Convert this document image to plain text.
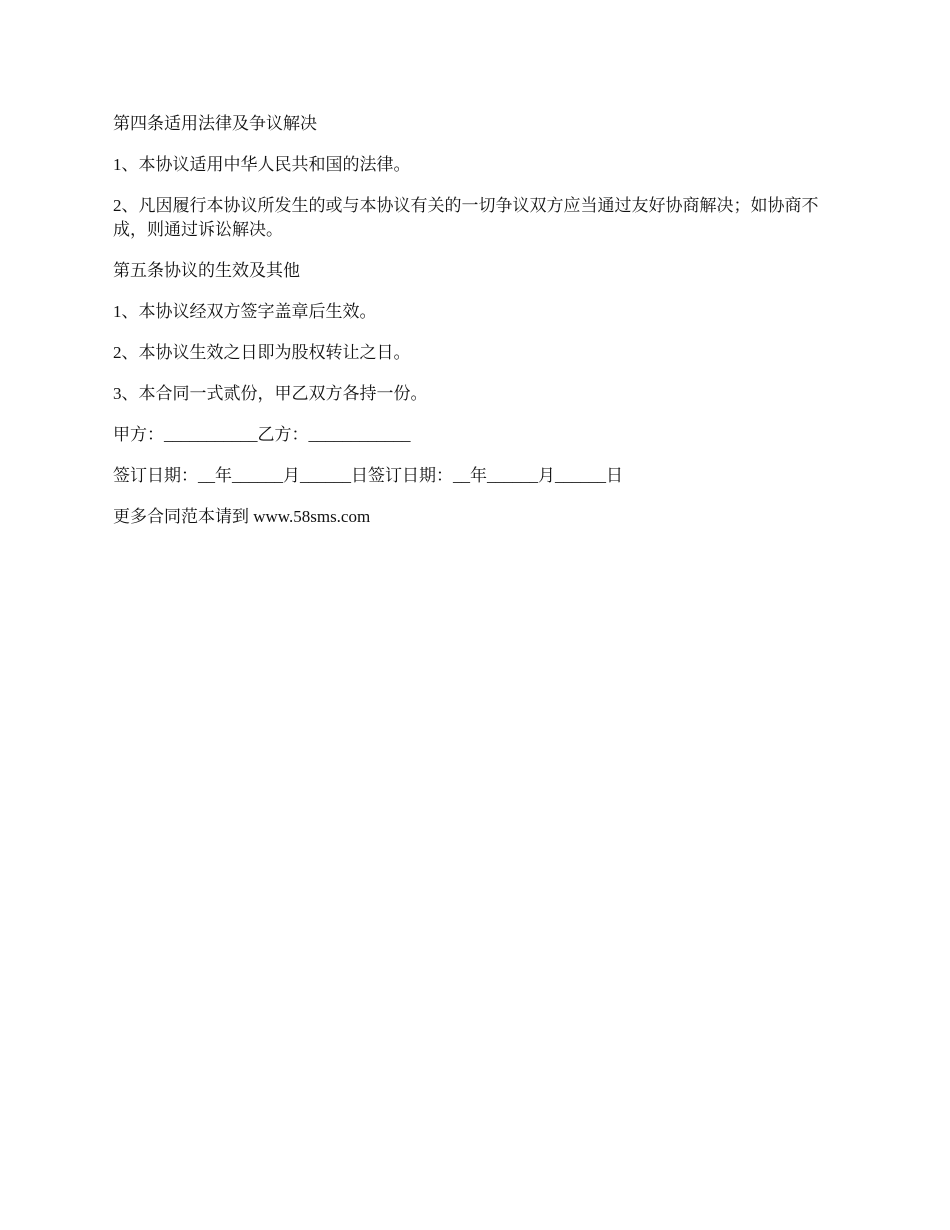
第四条适用法律及争议解决

1、本协议适用中华人民共和国的法律。

2、凡因履行本协议所发生的或与本协议有关的一切争议双方应当通过友好协商解决；如协商不成，则通过诉讼解决。

第五条协议的生效及其他

1、本协议经双方签字盖章后生效。

2、本协议生效之日即为股权转让之日。

3、本合同一式贰份，甲乙双方各持一份。

甲方：___________乙方：____________

签订日期：__年______月______日签订日期：__年______月______日

更多合同范本请到 www.58sms.com
